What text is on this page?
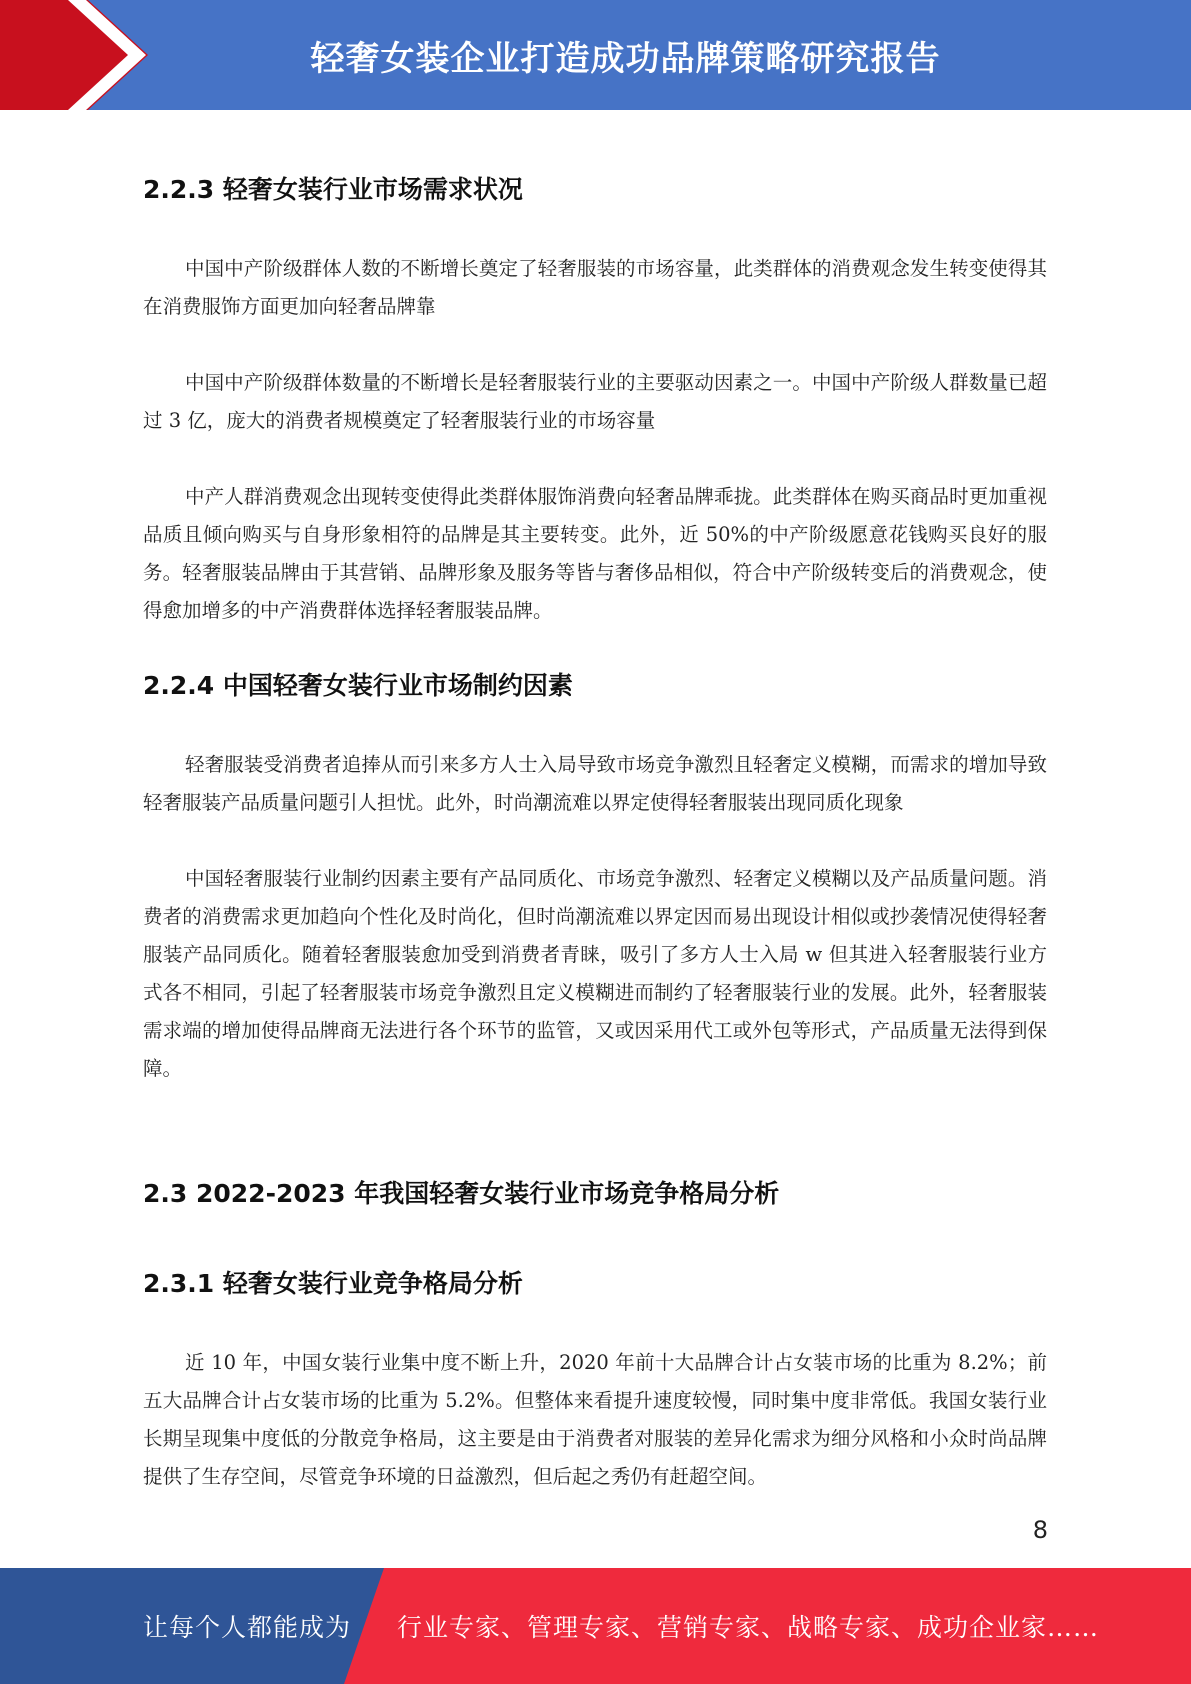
轻奢女装企业打造成功品牌策略研究报告
2.2.3 轻奢女装行业市场需求状况

中国中产阶级群体人数的不断增长奠定了轻奢服装的市场容量，此类群体的消费观念发生转变使得其在消费服饰方面更加向轻奢品牌靠

中国中产阶级群体数量的不断增长是轻奢服装行业的主要驱动因素之一。中国中产阶级人群数量已超过 3 亿，庞大的消费者规模奠定了轻奢服装行业的市场容量

中产人群消费观念出现转变使得此类群体服饰消费向轻奢品牌乖拢。此类群体在购买商品时更加重视品质且倾向购买与自身形象相符的品牌是其主要转变。此外，近 50%的中产阶级愿意花钱购买良好的服务。轻奢服装品牌由于其营销、品牌形象及服务等皆与奢侈品相似，符合中产阶级转变后的消费观念，使得愈加增多的中产消费群体选择轻奢服装品牌。

2.2.4 中国轻奢女装行业市场制约因素

轻奢服装受消费者追捧从而引来多方人士入局导致市场竞争激烈且轻奢定义模糊，而需求的增加导致轻奢服装产品质量问题引人担忧。此外，时尚潮流难以界定使得轻奢服装出现同质化现象

中国轻奢服装行业制约因素主要有产品同质化、市场竞争激烈、轻奢定义模糊以及产品质量问题。消费者的消费需求更加趋向个性化及时尚化，但时尚潮流难以界定因而易出现设计相似或抄袭情况使得轻奢服装产品同质化。随着轻奢服装愈加受到消费者青睐，吸引了多方人士入局 w 但其进入轻奢服装行业方式各不相同，引起了轻奢服装市场竞争激烈且定义模糊进而制约了轻奢服装行业的发展。此外，轻奢服装需求端的增加使得品牌商无法进行各个环节的监管，又或因采用代工或外包等形式，产品质量无法得到保障。

2.3 2022-2023 年我国轻奢女装行业市场竞争格局分析
2.3.1 轻奢女装行业竞争格局分析

近 10 年，中国女装行业集中度不断上升，2020 年前十大品牌合计占女装市场的比重为 8.2%；前五大品牌合计占女装市场的比重为 5.2%。但整体来看提升速度较慢，同时集中度非常低。我国女装行业长期呈现集中度低的分散竞争格局，这主要是由于消费者对服装的差异化需求为细分风格和小众时尚品牌提供了生存空间，尽管竞争环境的日益激烈，但后起之秀仍有赶超空间。

8
让每个人都能成为 行业专家、管理专家、营销专家、战略专家、成功企业家……
